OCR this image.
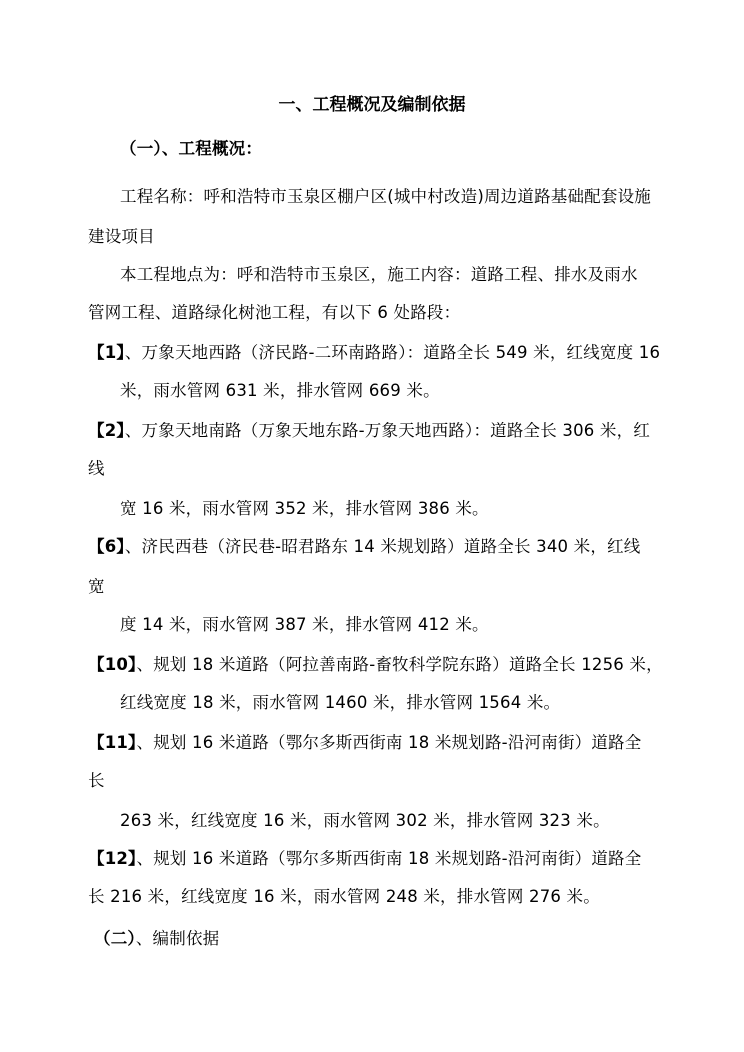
一、工程概况及编制依据
（一）、工程概况：
工程名称：呼和浩特市玉泉区棚户区(城中村改造)周边道路基础配套设施
建设项目
本工程地点为：呼和浩特市玉泉区，施工内容：道路工程、排水及雨水
管网工程、道路绿化树池工程，有以下 6 处路段：
【1】、万象天地西路（济民路-二环南路路）：道路全长 549 米，红线宽度 16
米，雨水管网 631 米，排水管网 669 米。
【2】、万象天地南路（万象天地东路-万象天地西路）：道路全长 306 米，红
线
宽 16 米，雨水管网 352 米，排水管网 386 米。
【6】、济民西巷（济民巷-昭君路东 14 米规划路）道路全长 340 米，红线
宽
度 14 米，雨水管网 387 米，排水管网 412 米。
【10】、规划 18 米道路（阿拉善南路-畜牧科学院东路）道路全长 1256 米，
红线宽度 18 米，雨水管网 1460 米，排水管网 1564 米。
【11】、规划 16 米道路（鄂尔多斯西街南 18 米规划路-沿河南街）道路全
长
263 米，红线宽度 16 米，雨水管网 302 米，排水管网 323 米。
【12】、规划 16 米道路（鄂尔多斯西街南 18 米规划路-沿河南街）道路全
长 216 米，红线宽度 16 米，雨水管网 248 米，排水管网 276 米。
（二）、编制依据
